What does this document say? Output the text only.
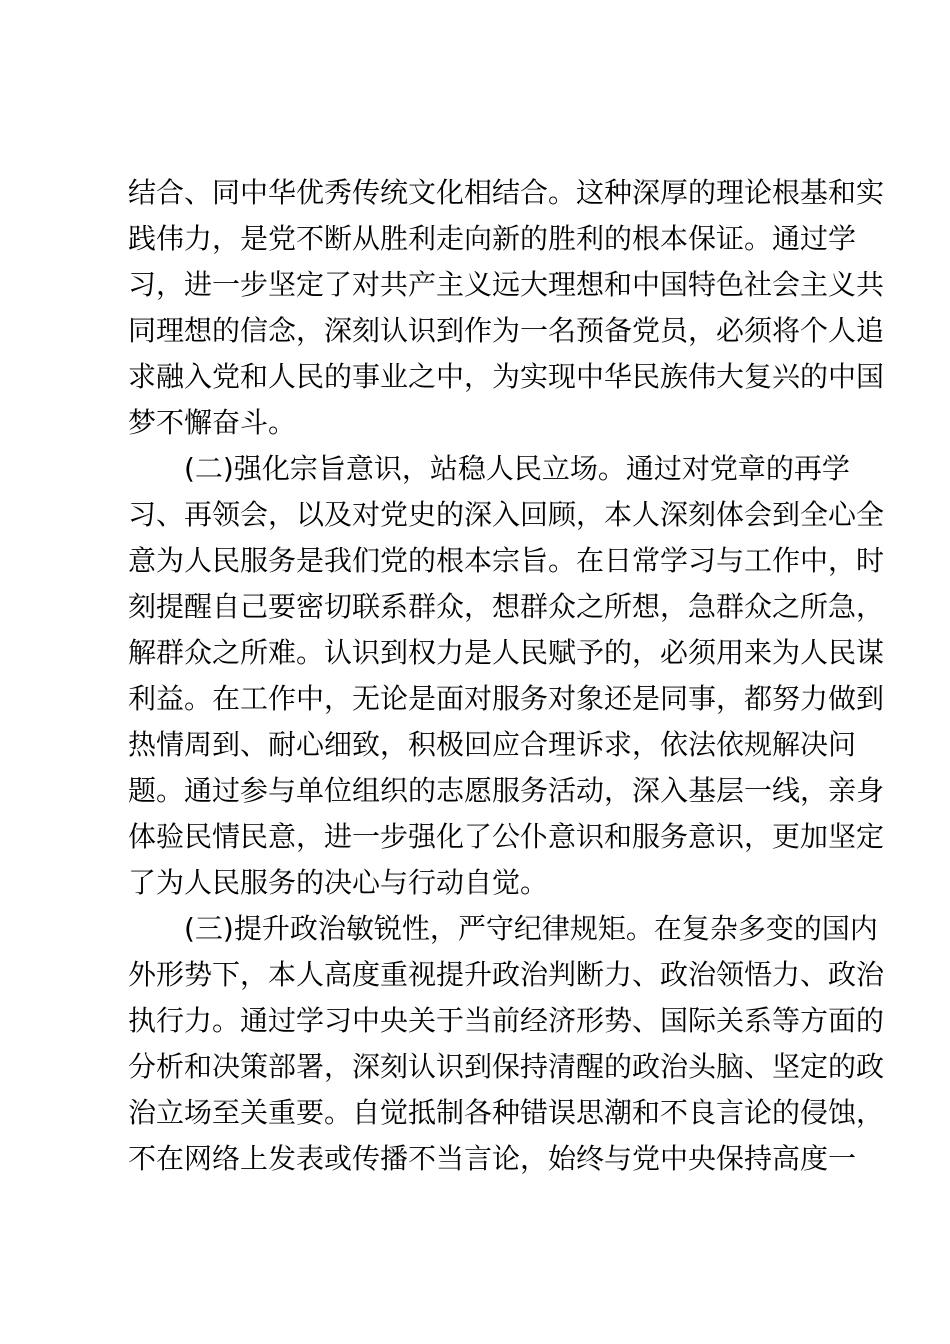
结合、同中华优秀传统文化相结合。这种深厚的理论根基和实
践伟力，是党不断从胜利走向新的胜利的根本保证。通过学
习，进一步坚定了对共产主义远大理想和中国特色社会主义共
同理想的信念，深刻认识到作为一名预备党员，必须将个人追
求融入党和人民的事业之中，为实现中华民族伟大复兴的中国
梦不懈奋斗。
(二)强化宗旨意识，站稳人民立场。通过对党章的再学
习、再领会，以及对党史的深入回顾，本人深刻体会到全心全
意为人民服务是我们党的根本宗旨。在日常学习与工作中，时
刻提醒自己要密切联系群众，想群众之所想，急群众之所急，
解群众之所难。认识到权力是人民赋予的，必须用来为人民谋
利益。在工作中，无论是面对服务对象还是同事，都努力做到
热情周到、耐心细致，积极回应合理诉求，依法依规解决问
题。通过参与单位组织的志愿服务活动，深入基层一线，亲身
体验民情民意，进一步强化了公仆意识和服务意识，更加坚定
了为人民服务的决心与行动自觉。
(三)提升政治敏锐性，严守纪律规矩。在复杂多变的国内
外形势下，本人高度重视提升政治判断力、政治领悟力、政治
执行力。通过学习中央关于当前经济形势、国际关系等方面的
分析和决策部署，深刻认识到保持清醒的政治头脑、坚定的政
治立场至关重要。自觉抵制各种错误思潮和不良言论的侵蚀，
不在网络上发表或传播不当言论，始终与党中央保持高度一
